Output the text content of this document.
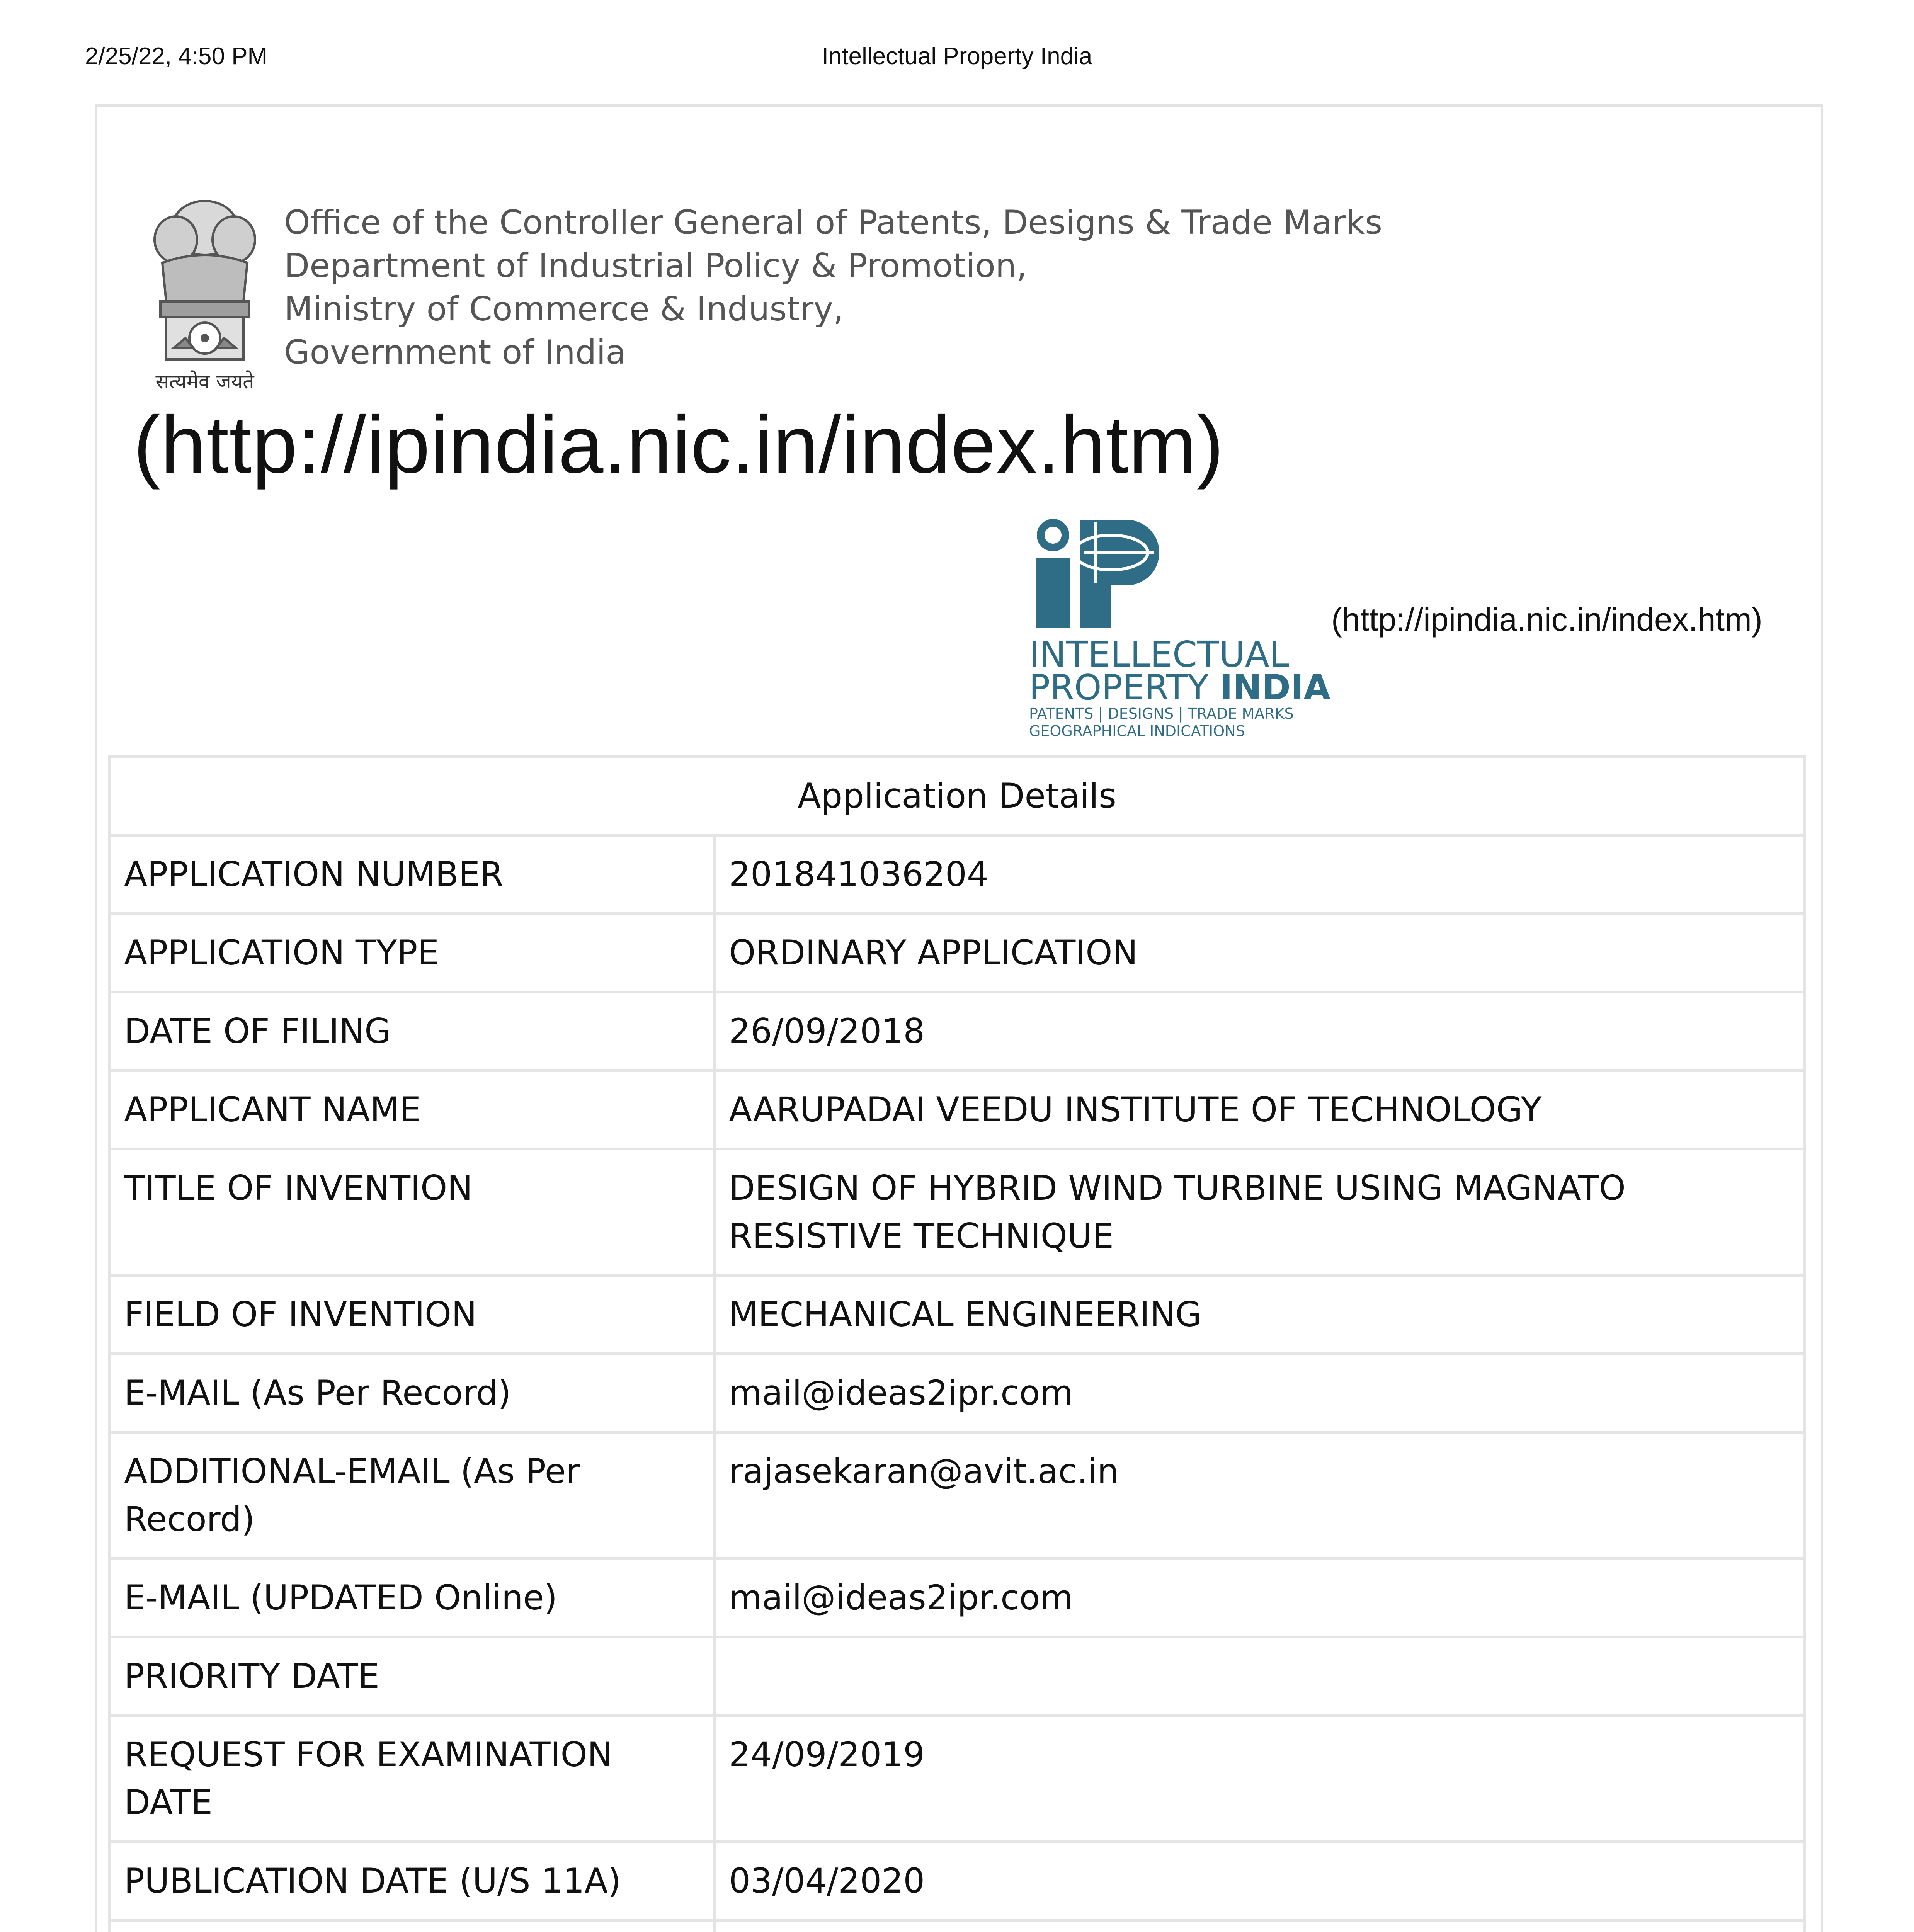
2/25/22, 4:50 PM	Intellectual Property India
सत्यमेव जयते
Office of the Controller General of Patents, Designs & Trade Marks
Department of Industrial Policy & Promotion,
Ministry of Commerce & Industry,
Government of India
(http://ipindia.nic.in/index.htm)
INTELLECTUAL
PROPERTY INDIA
PATENTS | DESIGNS | TRADE MARKS
GEOGRAPHICAL INDICATIONS
(http://ipindia.nic.in/index.htm)
Application Details	
APPLICATION NUMBER	201841036204
APPLICATION TYPE	ORDINARY APPLICATION
DATE OF FILING	26/09/2018
APPLICANT NAME	AARUPADAI VEEDU INSTITUTE OF TECHNOLOGY
TITLE OF INVENTION	DESIGN OF HYBRID WIND TURBINE USING MAGNATO RESISTIVE TECHNIQUE
FIELD OF INVENTION	MECHANICAL ENGINEERING
E-MAIL (As Per Record)	mail@ideas2ipr.com
ADDITIONAL-EMAIL (As Per Record)	rajasekaran@avit.ac.in
E-MAIL (UPDATED Online)	mail@ideas2ipr.com
PRIORITY DATE	
REQUEST FOR EXAMINATION DATE	24/09/2019
PUBLICATION DATE (U/S 11A)	03/04/2020
